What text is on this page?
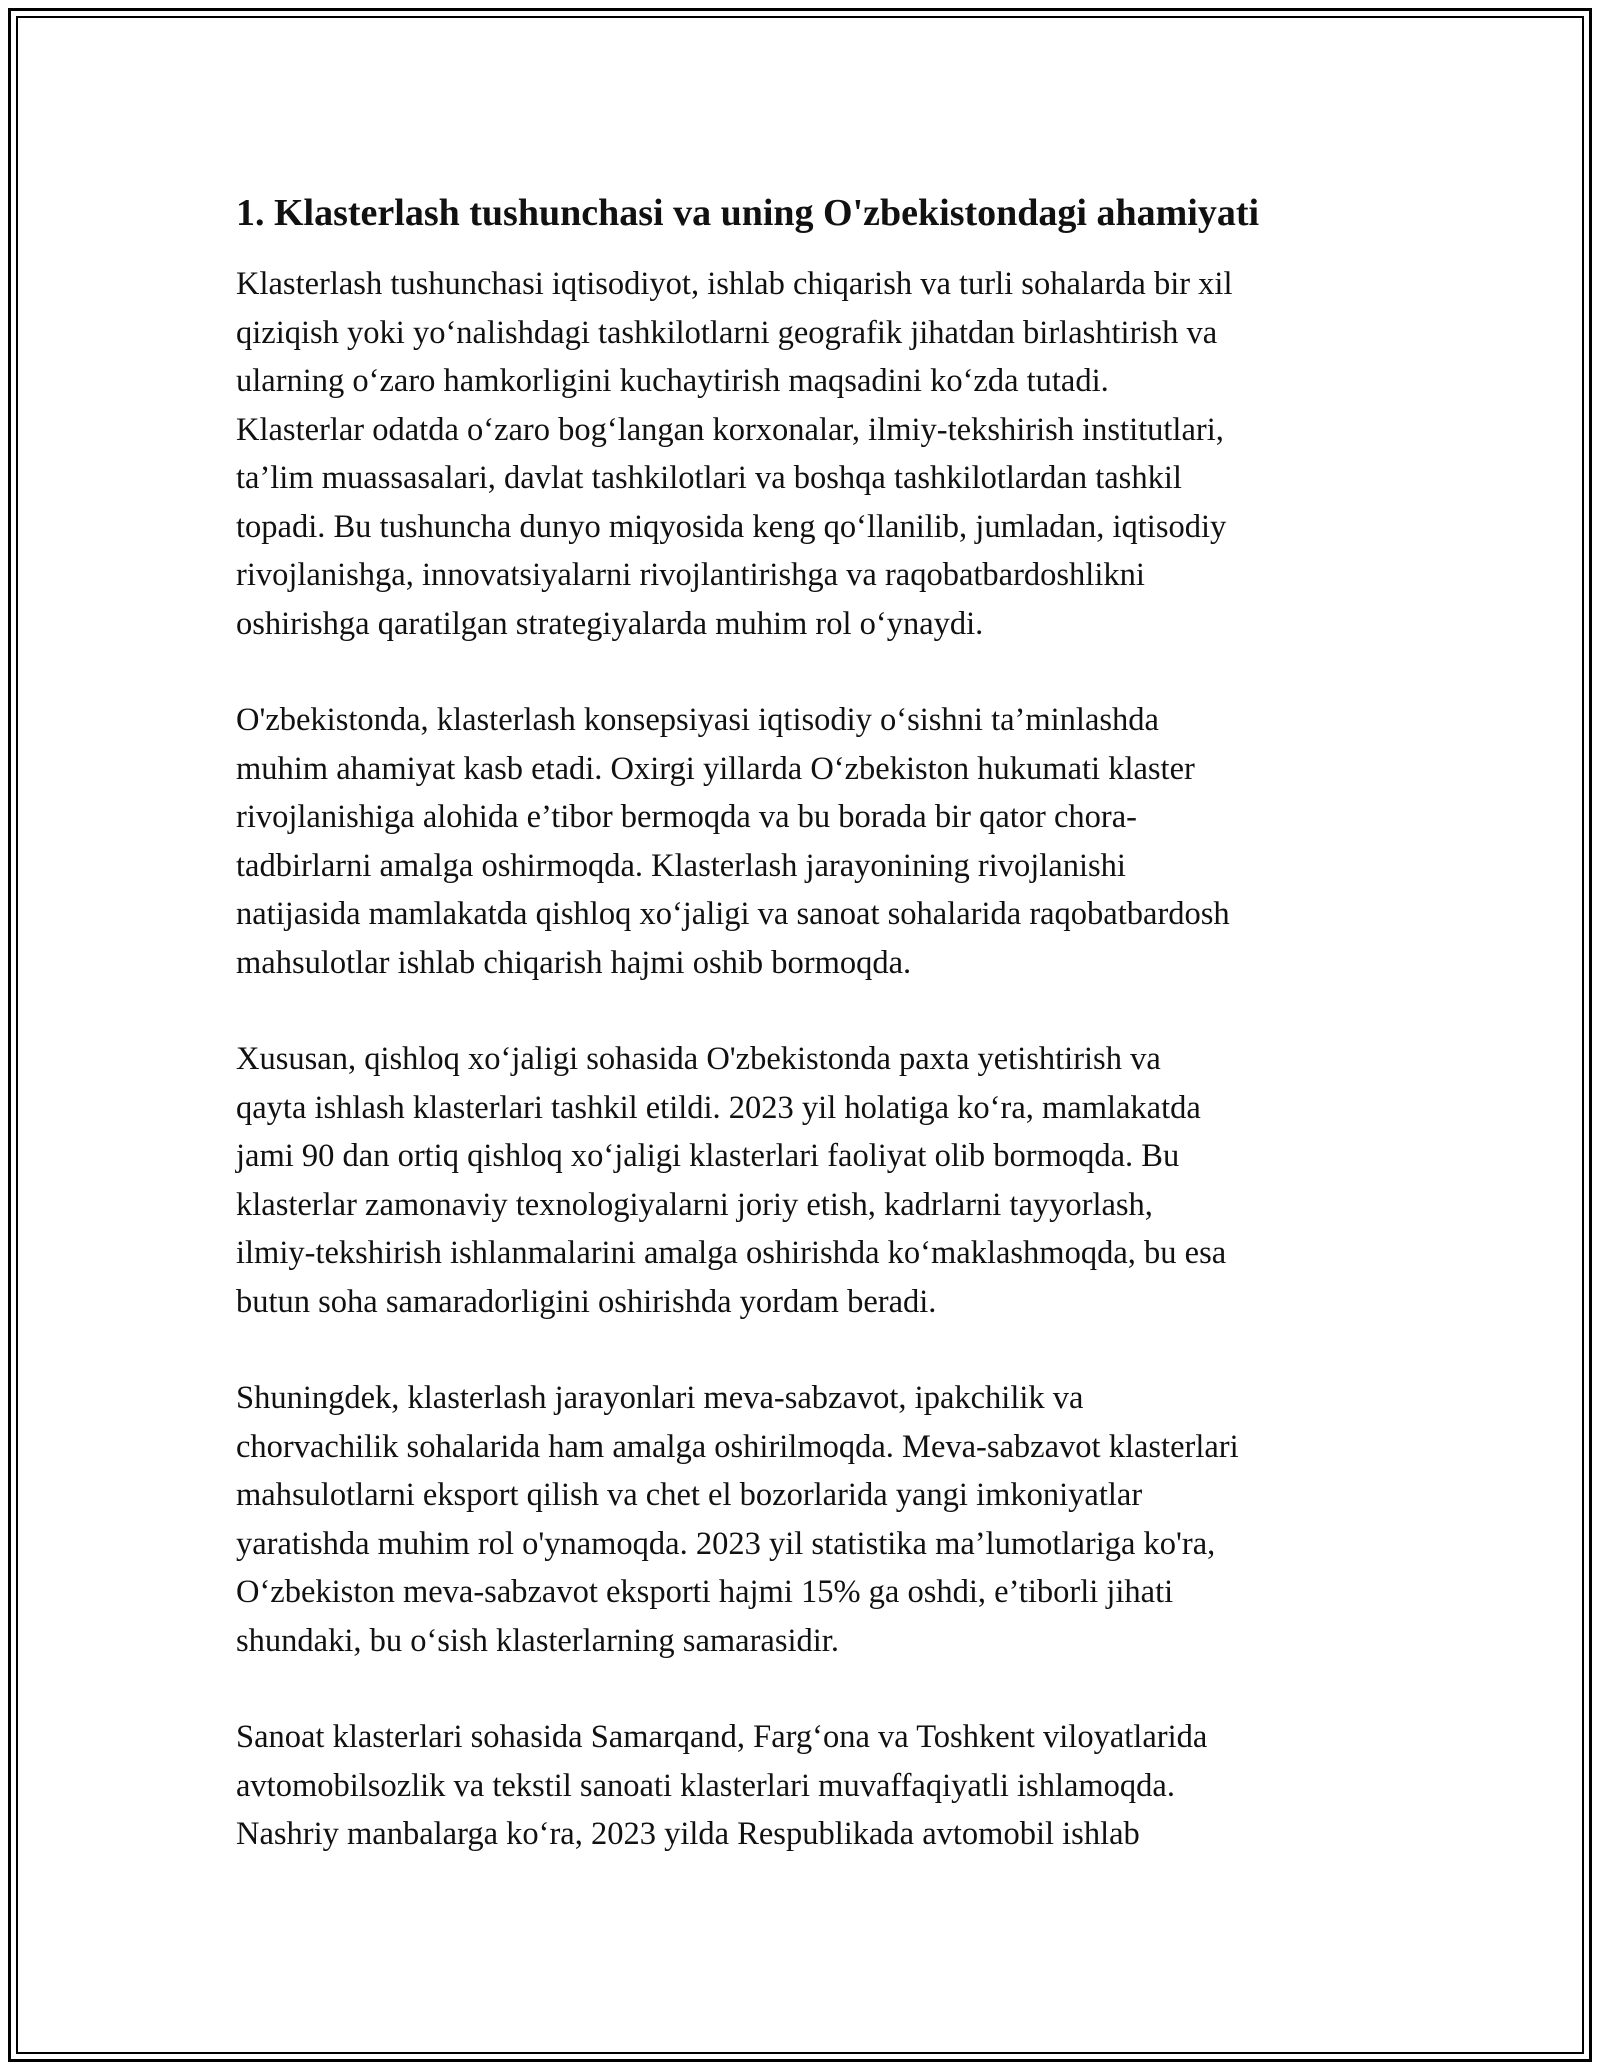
1. Klasterlash tushunchasi va uning O'zbekistondagi ahamiyati

Klasterlash tushunchasi iqtisodiyot, ishlab chiqarish va turli sohalarda bir xil
qiziqish yoki yo‘nalishdagi tashkilotlarni geografik jihatdan birlashtirish va
ularning o‘zaro hamkorligini kuchaytirish maqsadini ko‘zda tutadi.
Klasterlar odatda o‘zaro bog‘langan korxonalar, ilmiy-tekshirish institutlari,
ta’lim muassasalari, davlat tashkilotlari va boshqa tashkilotlardan tashkil
topadi. Bu tushuncha dunyo miqyosida keng qo‘llanilib, jumladan, iqtisodiy
rivojlanishga, innovatsiyalarni rivojlantirishga va raqobatbardoshlikni
oshirishga qaratilgan strategiyalarda muhim rol o‘ynaydi.

O'zbekistonda, klasterlash konsepsiyasi iqtisodiy o‘sishni ta’minlashda
muhim ahamiyat kasb etadi. Oxirgi yillarda O‘zbekiston hukumati klaster
rivojlanishiga alohida e’tibor bermoqda va bu borada bir qator chora-
tadbirlarni amalga oshirmoqda. Klasterlash jarayonining rivojlanishi
natijasida mamlakatda qishloq xo‘jaligi va sanoat sohalarida raqobatbardosh
mahsulotlar ishlab chiqarish hajmi oshib bormoqda.

Xususan, qishloq xo‘jaligi sohasida O'zbekistonda paxta yetishtirish va
qayta ishlash klasterlari tashkil etildi. 2023 yil holatiga ko‘ra, mamlakatda
jami 90 dan ortiq qishloq xo‘jaligi klasterlari faoliyat olib bormoqda. Bu
klasterlar zamonaviy texnologiyalarni joriy etish, kadrlarni tayyorlash,
ilmiy-tekshirish ishlanmalarini amalga oshirishda ko‘maklashmoqda, bu esa
butun soha samaradorligini oshirishda yordam beradi.

Shuningdek, klasterlash jarayonlari meva-sabzavot, ipakchilik va
chorvachilik sohalarida ham amalga oshirilmoqda. Meva-sabzavot klasterlari
mahsulotlarni eksport qilish va chet el bozorlarida yangi imkoniyatlar
yaratishda muhim rol o'ynamoqda. 2023 yil statistika ma’lumotlariga ko'ra,
O‘zbekiston meva-sabzavot eksporti hajmi 15% ga oshdi, e’tiborli jihati
shundaki, bu o‘sish klasterlarning samarasidir.

Sanoat klasterlari sohasida Samarqand, Farg‘ona va Toshkent viloyatlarida
avtomobilsozlik va tekstil sanoati klasterlari muvaffaqiyatli ishlamoqda.
Nashriy manbalarga ko‘ra, 2023 yilda Respublikada avtomobil ishlab
